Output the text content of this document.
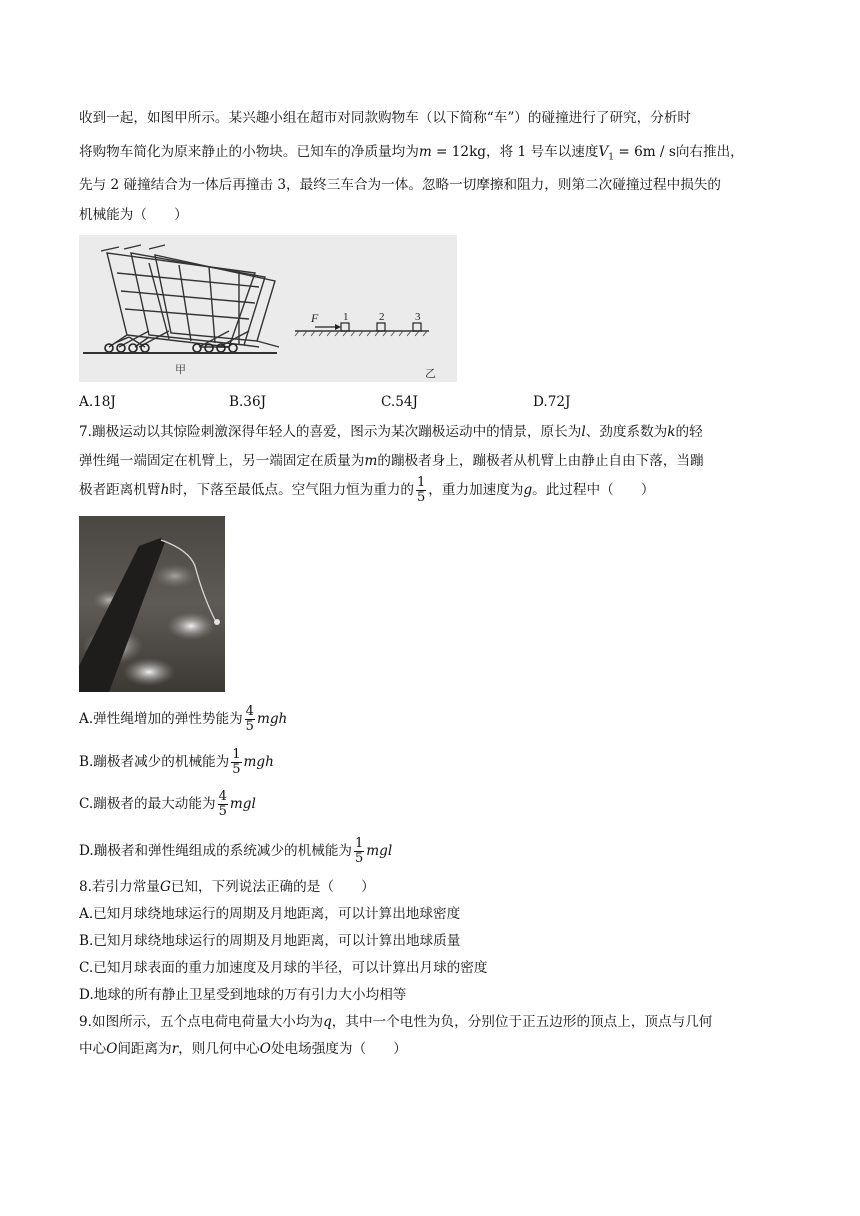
收到一起，如图甲所示。某兴趣小组在超市对同款购物车（以下简称“车”）的碰撞进行了研究，分析时
将购物车简化为原来静止的小物块。已知车的净质量均为m = 12kg，将 1 号车以速度$V_1 = 6m / s$向右推出，
先与 2 碰撞结合为一体后再撞击 3，最终三车合为一体。忽略一切摩擦和阻力，则第二次碰撞过程中损失的
机械能为（　　）
F 1	2	3
甲	乙
A.18J	B.36J	C.54J	D.72J
7.蹦极运动以其惊险刺激深得年轻人的喜爱，图示为某次蹦极运动中的情景，原长为l、劲度系数为k的轻
弹性绳一端固定在机臂上，另一端固定在质量为m的蹦极者身上，蹦极者从机臂上由静止自由下落，当蹦
极者距离机臂h时，下落至最低点。空气阻力恒为重力的 $\frac{1}{5}$ ，重力加速度为g。此过程中（　　）
A.弹性绳增加的弹性势能为 $\frac{4}{5}$ mgh
B.蹦极者减少的机械能为 $\frac{1}{5}$ mgh
C.蹦极者的最大动能为 $\frac{4}{5}$ mgl
D.蹦极者和弹性绳组成的系统减少的机械能为 $\frac{1}{5}$ mgl
8.若引力常量G已知，下列说法正确的是（　　）
A.已知月球绕地球运行的周期及月地距离，可以计算出地球密度
B.已知月球绕地球运行的周期及月地距离，可以计算出地球质量
C.已知月球表面的重力加速度及月球的半径，可以计算出月球的密度
D.地球的所有静止卫星受到地球的万有引力大小均相等
9.如图所示，五个点电荷电荷量大小均为q，其中一个电性为负，分别位于正五边形的顶点上，顶点与几何
中心O间距离为r，则几何中心O处电场强度为（　　）
